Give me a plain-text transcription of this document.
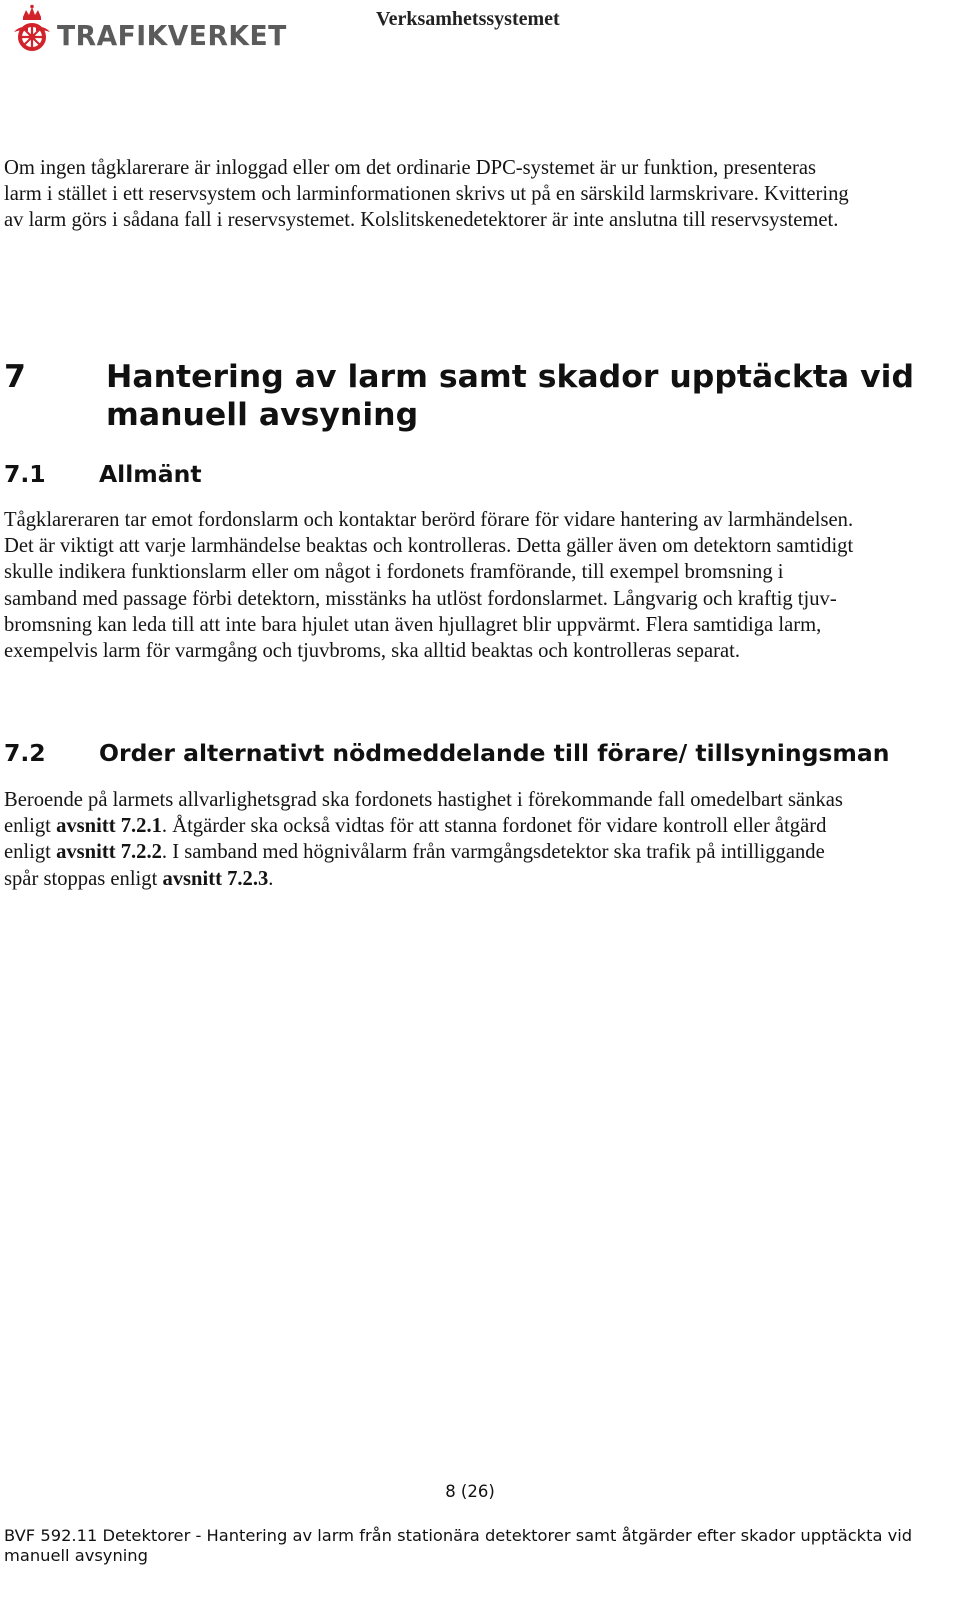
TRAFIKVERKET	Verksamhetssystemet
Om ingen tågklarerare är inloggad eller om det ordinarie DPC-systemet är ur funktion, presenteras
larm i stället i ett reservsystem och larminformationen skrivs ut på en särskild larmskrivare. Kvittering
av larm görs i sådana fall i reservsystemet. Kolslitskenedetektorer är inte anslutna till reservsystemet.
7	Hantering av larm samt skador upptäckta vid
manuell avsyning
7.1 Allmänt
Tågklareraren tar emot fordonslarm och kontaktar berörd förare för vidare hantering av larmhändelsen.
Det är viktigt att varje larmhändelse beaktas och kontrolleras. Detta gäller även om detektorn samtidigt
skulle indikera funktionslarm eller om något i fordonets framförande, till exempel bromsning i
samband med passage förbi detektorn, misstänks ha utlöst fordonslarmet. Långvarig och kraftig tjuv-
bromsning kan leda till att inte bara hjulet utan även hjullagret blir uppvärmt. Flera samtidiga larm,
exempelvis larm för varmgång och tjuvbroms, ska alltid beaktas och kontrolleras separat.
7.2 Order alternativt nödmeddelande till förare/ tillsyningsman
Beroende på larmets allvarlighetsgrad ska fordonets hastighet i förekommande fall omedelbart sänkas
enligt avsnitt 7.2.1. Åtgärder ska också vidtas för att stanna fordonet för vidare kontroll eller åtgärd
enligt avsnitt 7.2.2. I samband med högnivålarm från varmgångsdetektor ska trafik på intilliggande
spår stoppas enligt avsnitt 7.2.3.
8 (26)
BVF 592.11 Detektorer - Hantering av larm från stationära detektorer samt åtgärder efter skador upptäckta vid
manuell avsyning
